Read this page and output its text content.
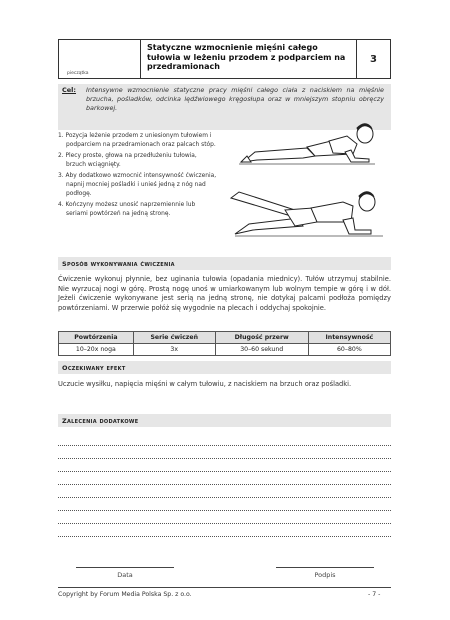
pieczątka
Statyczne wzmocnienie mięśni całego tułowia w leżeniu przodem z podparciem na przedramionach
3
Cel: Intensywne wzmocnienie statyczne pracy mięśni całego ciała z naciskiem na mięśnie brzucha, pośladków, odcinka lędźwiowego kręgosłupa oraz w mniejszym stopniu obręczy barkowej.
1. Pozycja leżenie przodem z uniesionym tułowiem i podparciem na przedramionach oraz palcach stóp.
2. Plecy proste, głowa na przedłużeniu tułowia, brzuch wciągnięty.
3. Aby dodatkowo wzmocnić intensywność ćwiczenia, napnij mocniej pośladki i unieś jedną z nóg nad podłogę.
4. Kończyny możesz unosić naprzemiennie lub seriami powtórzeń na jedną stronę.
Sposób wykonywania ćwiczenia
Ćwiczenie wykonuj płynnie, bez uginania tułowia (opadania miednicy). Tułów utrzymuj stabilnie. Nie wyrzucaj nogi w górę. Prostą nogę unoś w umiarkowanym lub wolnym tempie w górę i w dół. Jeżeli ćwiczenie wykonywane jest serią na jedną stronę, nie dotykaj palcami podłoża pomiędzy powtórzeniami. W przerwie połóż się wygodnie na plecach i oddychaj spokojnie.
Powtórzenia	Serie ćwiczeń	Długość przerw	Intensywność
10–20x noga	3x	30–60 sekund	60–80%
Oczekiwany efekt
Uczucie wysiłku, napięcia mięśni w całym tułowiu, z naciskiem na brzuch oraz pośladki.
Zalecenia dodatkowe
Data	Podpis
Copyright by Forum Media Polska Sp. z o.o.	- 7 -
